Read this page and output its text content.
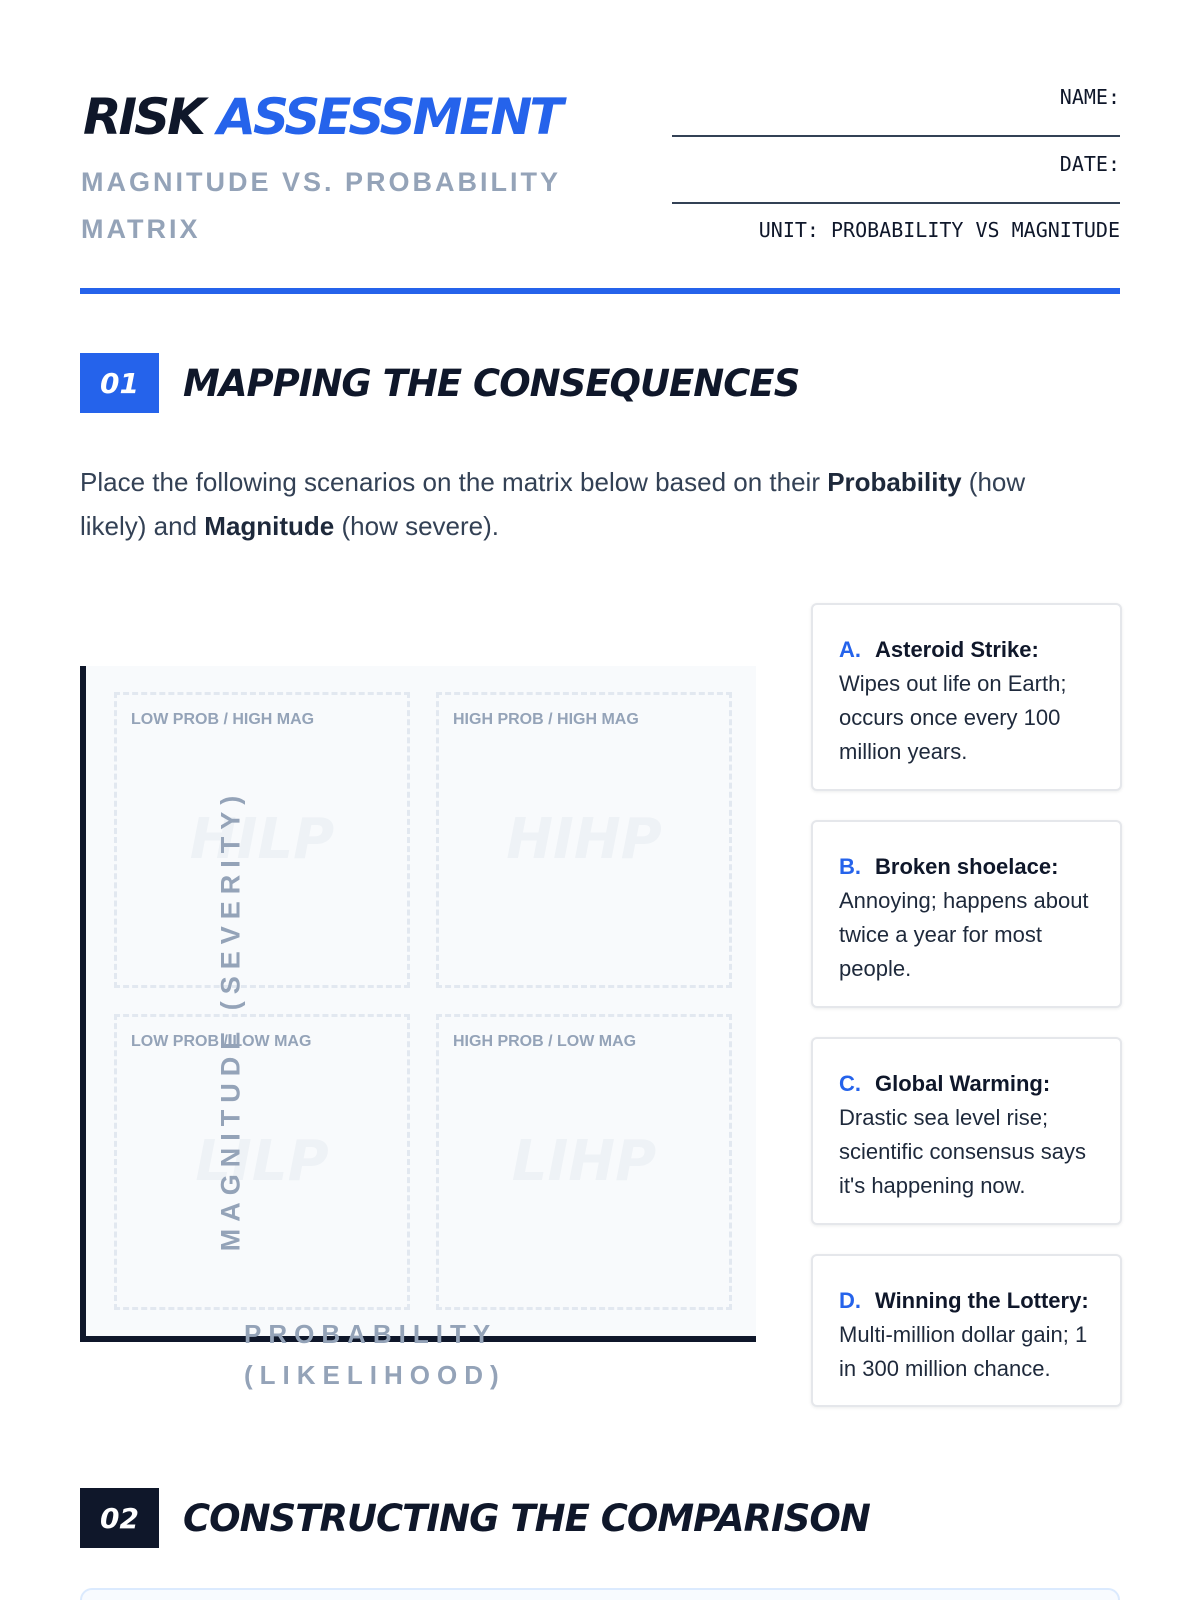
RISK ASSESSMENT
MAGNITUDE VS. PROBABILITY MATRIX
NAME:
DATE:
UNIT: PROBABILITY VS MAGNITUDE
01	MAPPING THE CONSEQUENCES

Place the following scenarios on the matrix below based on their Probability (how likely) and Magnitude (how severe).

LOW PROB / HIGH MAG
HILP
HIGH PROB / HIGH MAG
HIHP
LOW PROB / LOW MAG
LILP
HIGH PROB / LOW MAG
LIHP
MAGNITUDE (SEVERITY)
PROBABILITY
(LIKELIHOOD)
A. Asteroid Strike: Wipes out life on Earth; occurs once every 100 million years.
B. Broken shoelace: Annoying; happens about twice a year for most people.
C. Global Warming: Drastic sea level rise; scientific consensus says it's happening now.
D. Winning the Lottery: Multi-million dollar gain; 1 in 300 million chance.
02	CONSTRUCTING THE COMPARISON
